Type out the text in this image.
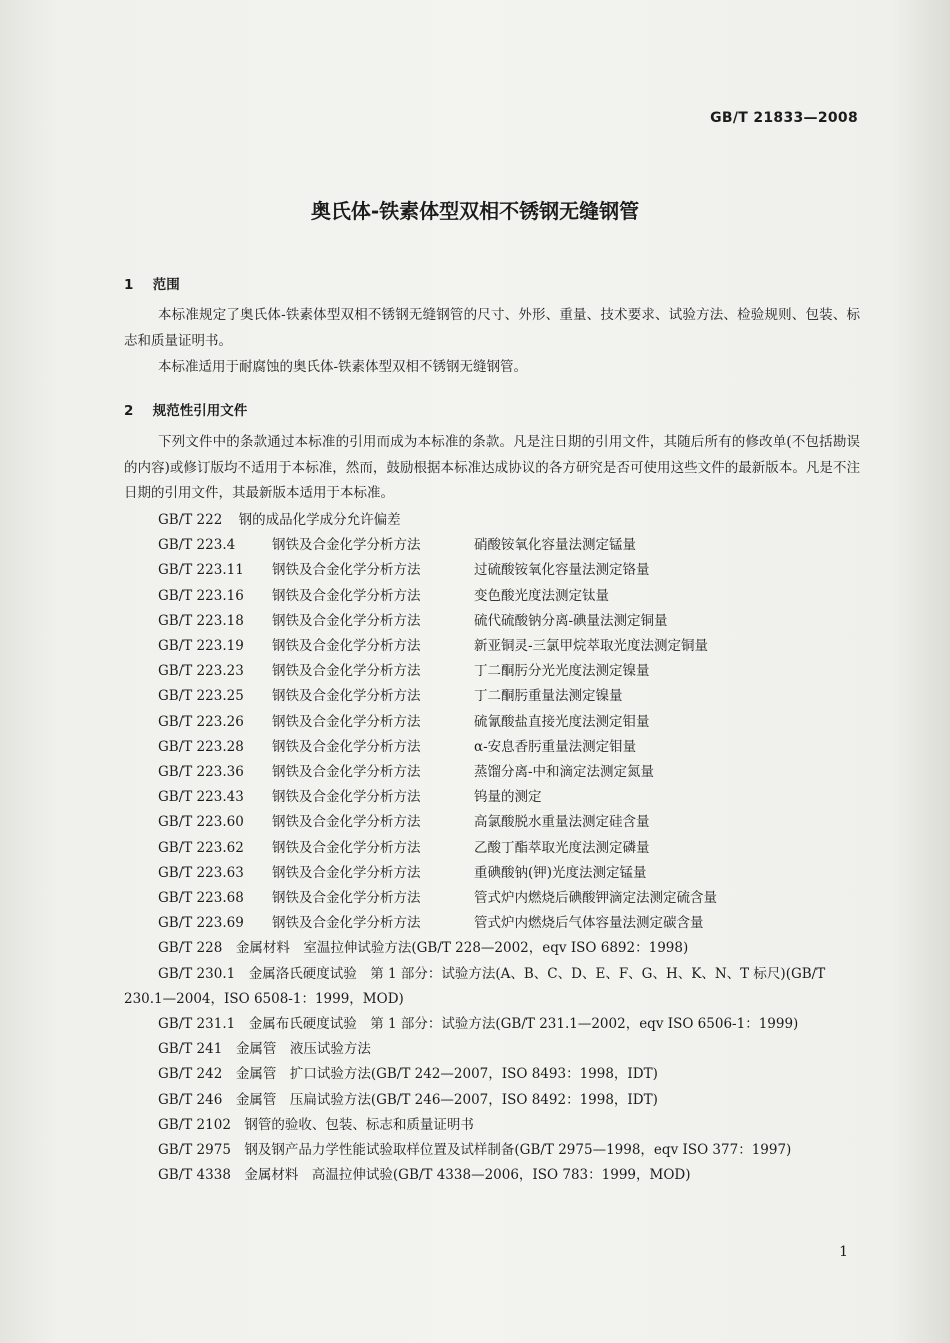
GB/T 21833—2008
奥氏体-铁素体型双相不锈钢无缝钢管
1 范围
本标准规定了奥氏体-铁素体型双相不锈钢无缝钢管的尺寸、外形、重量、技术要求、试验方法、检验规则、包装、标志和质量证明书。
本标准适用于耐腐蚀的奥氏体-铁素体型双相不锈钢无缝钢管。
2 规范性引用文件
下列文件中的条款通过本标准的引用而成为本标准的条款。凡是注日期的引用文件，其随后所有的修改单(不包括勘误的内容)或修订版均不适用于本标准，然而，鼓励根据本标准达成协议的各方研究是否可使用这些文件的最新版本。凡是不注日期的引用文件，其最新版本适用于本标准。
GB/T 222 钢的成品化学成分允许偏差
GB/T 223.4	钢铁及合金化学分析方法	硝酸铵氧化容量法测定锰量
GB/T 223.11 钢铁及合金化学分析方法	过硫酸铵氧化容量法测定铬量
GB/T 223.16 钢铁及合金化学分析方法	变色酸光度法测定钛量
GB/T 223.18 钢铁及合金化学分析方法	硫代硫酸钠分离-碘量法测定铜量
GB/T 223.19 钢铁及合金化学分析方法	新亚铜灵-三氯甲烷萃取光度法测定铜量
GB/T 223.23 钢铁及合金化学分析方法	丁二酮肟分光光度法测定镍量
GB/T 223.25 钢铁及合金化学分析方法	丁二酮肟重量法测定镍量
GB/T 223.26 钢铁及合金化学分析方法	硫氰酸盐直接光度法测定钼量
GB/T 223.28 钢铁及合金化学分析方法	α-安息香肟重量法测定钼量
GB/T 223.36 钢铁及合金化学分析方法	蒸馏分离-中和滴定法测定氮量
GB/T 223.43 钢铁及合金化学分析方法	钨量的测定
GB/T 223.60 钢铁及合金化学分析方法	高氯酸脱水重量法测定硅含量
GB/T 223.62 钢铁及合金化学分析方法	乙酸丁酯萃取光度法测定磷量
GB/T 223.63 钢铁及合金化学分析方法	重碘酸钠(钾)光度法测定锰量
GB/T 223.68 钢铁及合金化学分析方法	管式炉内燃烧后碘酸钾滴定法测定硫含量
GB/T 223.69 钢铁及合金化学分析方法	管式炉内燃烧后气体容量法测定碳含量
GB/T 228　 金属材料　室温拉伸试验方法(GB/T 228—2002，eqv ISO 6892：1998)
GB/T 230.1　 金属洛氏硬度试验　第 1 部分：试验方法(A、B、C、D、E、F、G、H、K、N、T 标尺)(GB/T 230.1—2004，ISO 6508-1：1999，MOD)
GB/T 231.1　 金属布氏硬度试验　第 1 部分：试验方法(GB/T 231.1—2002，eqv ISO 6506-1：1999)
GB/T 241　 金属管　液压试验方法
GB/T 242　 金属管　扩口试验方法(GB/T 242—2007，ISO 8493：1998，IDT)
GB/T 246　 金属管　压扁试验方法(GB/T 246—2007，ISO 8492：1998，IDT)
GB/T 2102　 钢管的验收、包装、标志和质量证明书
GB/T 2975　 钢及钢产品力学性能试验取样位置及试样制备(GB/T 2975—1998，eqv ISO 377：1997)
GB/T 4338　 金属材料　高温拉伸试验(GB/T 4338—2006，ISO 783：1999，MOD)
1
